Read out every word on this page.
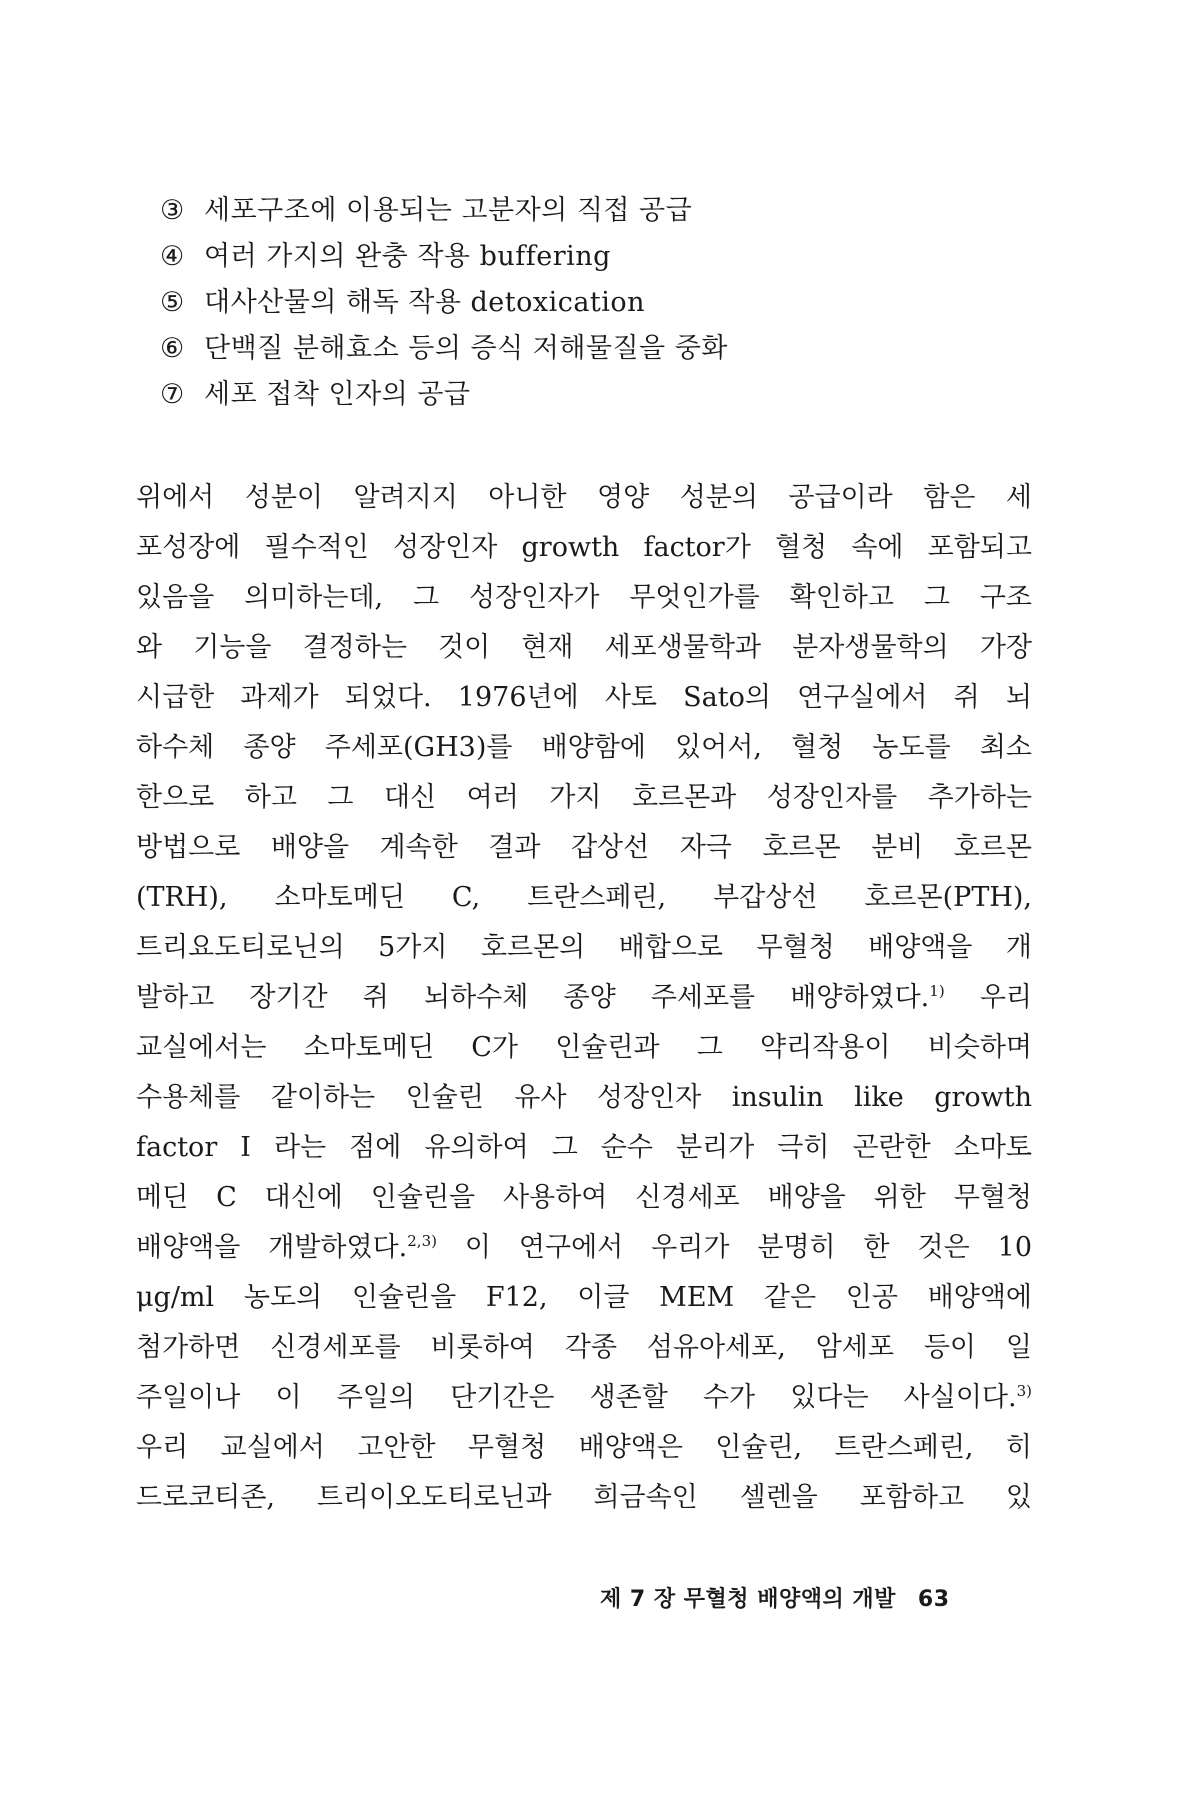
③ 세포구조에 이용되는 고분자의 직접 공급
④ 여러 가지의 완충 작용 buffering
⑤ 대사산물의 해독 작용 detoxication
⑥ 단백질 분해효소 등의 증식 저해물질을 중화
⑦ 세포 접착 인자의 공급
위에서 성분이 알려지지 아니한 영양 성분의 공급이라 함은 세
포성장에 필수적인 성장인자 growth factor가 혈청 속에 포함되고
있음을 의미하는데, 그 성장인자가 무엇인가를 확인하고 그 구조
와 기능을 결정하는 것이 현재 세포생물학과 분자생물학의 가장
시급한 과제가 되었다. 1976년에 사토 Sato의 연구실에서 쥐 뇌
하수체 종양 주세포(GH3)를 배양함에 있어서, 혈청 농도를 최소
한으로 하고 그 대신 여러 가지 호르몬과 성장인자를 추가하는
방법으로 배양을 계속한 결과 갑상선 자극 호르몬 분비 호르몬
(TRH), 소마토메딘 C, 트란스페린, 부갑상선 호르몬(PTH),
트리요도티로닌의 5가지 호르몬의 배합으로 무혈청 배양액을 개
발하고 장기간 쥐 뇌하수체 종양 주세포를 배양하였다.$^{1)}$ 우리
교실에서는 소마토메딘 C가 인슐린과 그 약리작용이 비슷하며
수용체를 같이하는 인슐린 유사 성장인자 insulin like growth
factor I 라는 점에 유의하여 그 순수 분리가 극히 곤란한 소마토
메딘 C 대신에 인슐린을 사용하여 신경세포 배양을 위한 무혈청
배양액을 개발하였다.$^{2,3)}$ 이 연구에서 우리가 분명히 한 것은 10
μg/ml 농도의 인슐린을 F12, 이글 MEM 같은 인공 배양액에
첨가하면 신경세포를 비롯하여 각종 섬유아세포, 암세포 등이 일
주일이나 이 주일의 단기간은 생존할 수가 있다는 사실이다.$^{3)}$
우리 교실에서 고안한 무혈청 배양액은 인슐린, 트란스페린, 히
드로코티존, 트리이오도티로닌과 희금속인 셀렌을 포함하고 있
제 7 장 무혈청 배양액의 개발 63
